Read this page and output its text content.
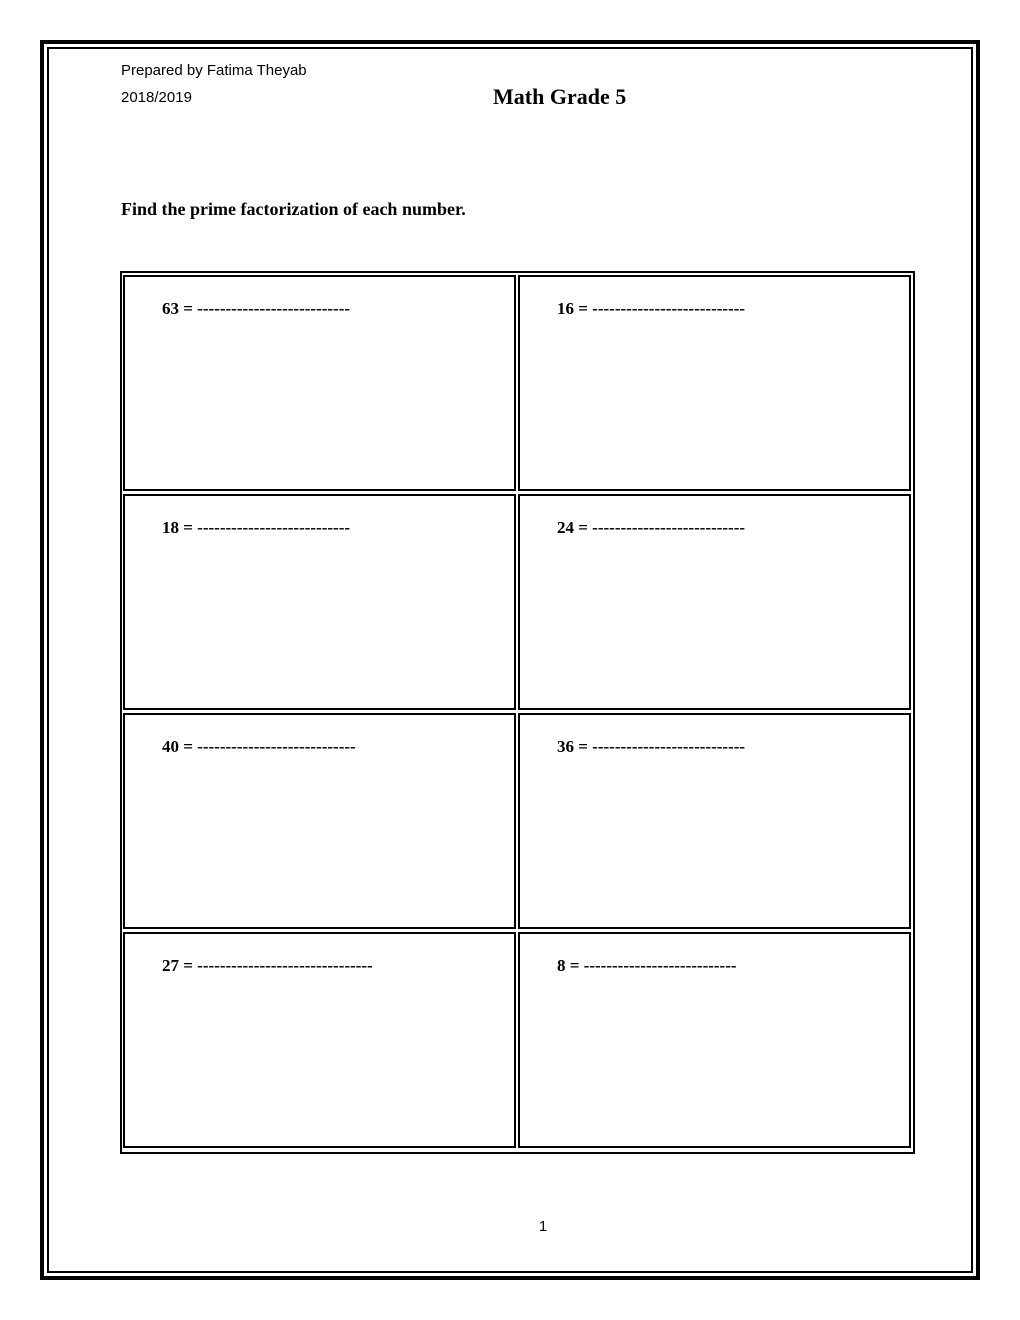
Prepared by Fatima Theyab
2018/2019	Math Grade 5
Find the prime factorization of each number.
63 = ---------------------------	16 = ---------------------------
18 = ---------------------------	24 = ---------------------------
40 = ----------------------------	36 = ---------------------------
27 = -------------------------------	8 = ---------------------------
1
